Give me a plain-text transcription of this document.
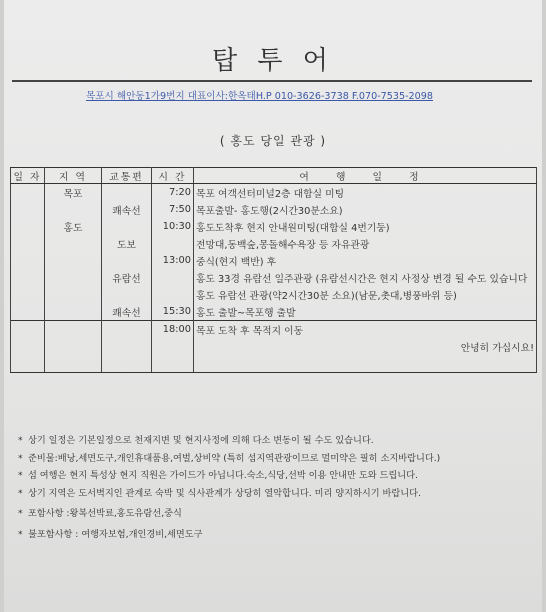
탑 투 어
목포시 해안동1가9번지 대표이사:한옥태H.P 010-3626-3738 F.070-7535-2098
( 홍도 당일 관광 )
일 자	지 역	교통편	시 간	여 행 일 정
	목포		7:20	목포 여객선터미널2층 대합실 미팅
		쾌속선	7:50	목포출발- 홍도행(2시간30분소요)
	홍도		10:30	홍도도착후 현지 안내원미팅(대합실 4번기둥)
		도보		전망대,동백숲,몽돌해수욕장 등 자유관광
			13:00	중식(현지 백반) 후
		유람선		홍도 33경 유람선 일주관광 (유람선시간은 현지 사정상 변경 될 수도 있습니다
				홍도 유람선 관광(약2시간30분 소요)(남문,촛대,병풍바위 등)
		쾌속선	15:30	홍도 출발~목포행 출발
			18:00	목포 도착 후 목적지 이동
				안녕히 가십시요!

* 상기 일정은 기본일정으로 천재지변 및 현지사정에 의해 다소 변동이 될 수도 있습니다.
* 준비물:배낭,세면도구,개인휴대품용,여벌,상비약 (특히 섬지역관광이므로 멀미약은 필히 소지바랍니다.)
* 섬 여행은 현지 특성상 현지 직원은 가이드가 아닙니다.숙소,식당,선박 이용 안내만 도와 드립니다.
* 상기 지역은 도서벽지인 관계로 숙박 및 식사관계가 상당히 열악합니다. 미리 양지하시기 바랍니다.
* 포함사항 :왕복선박료,홍도유람선,중식
* 불포함사항 : 여행자보험,개인경비,세면도구
